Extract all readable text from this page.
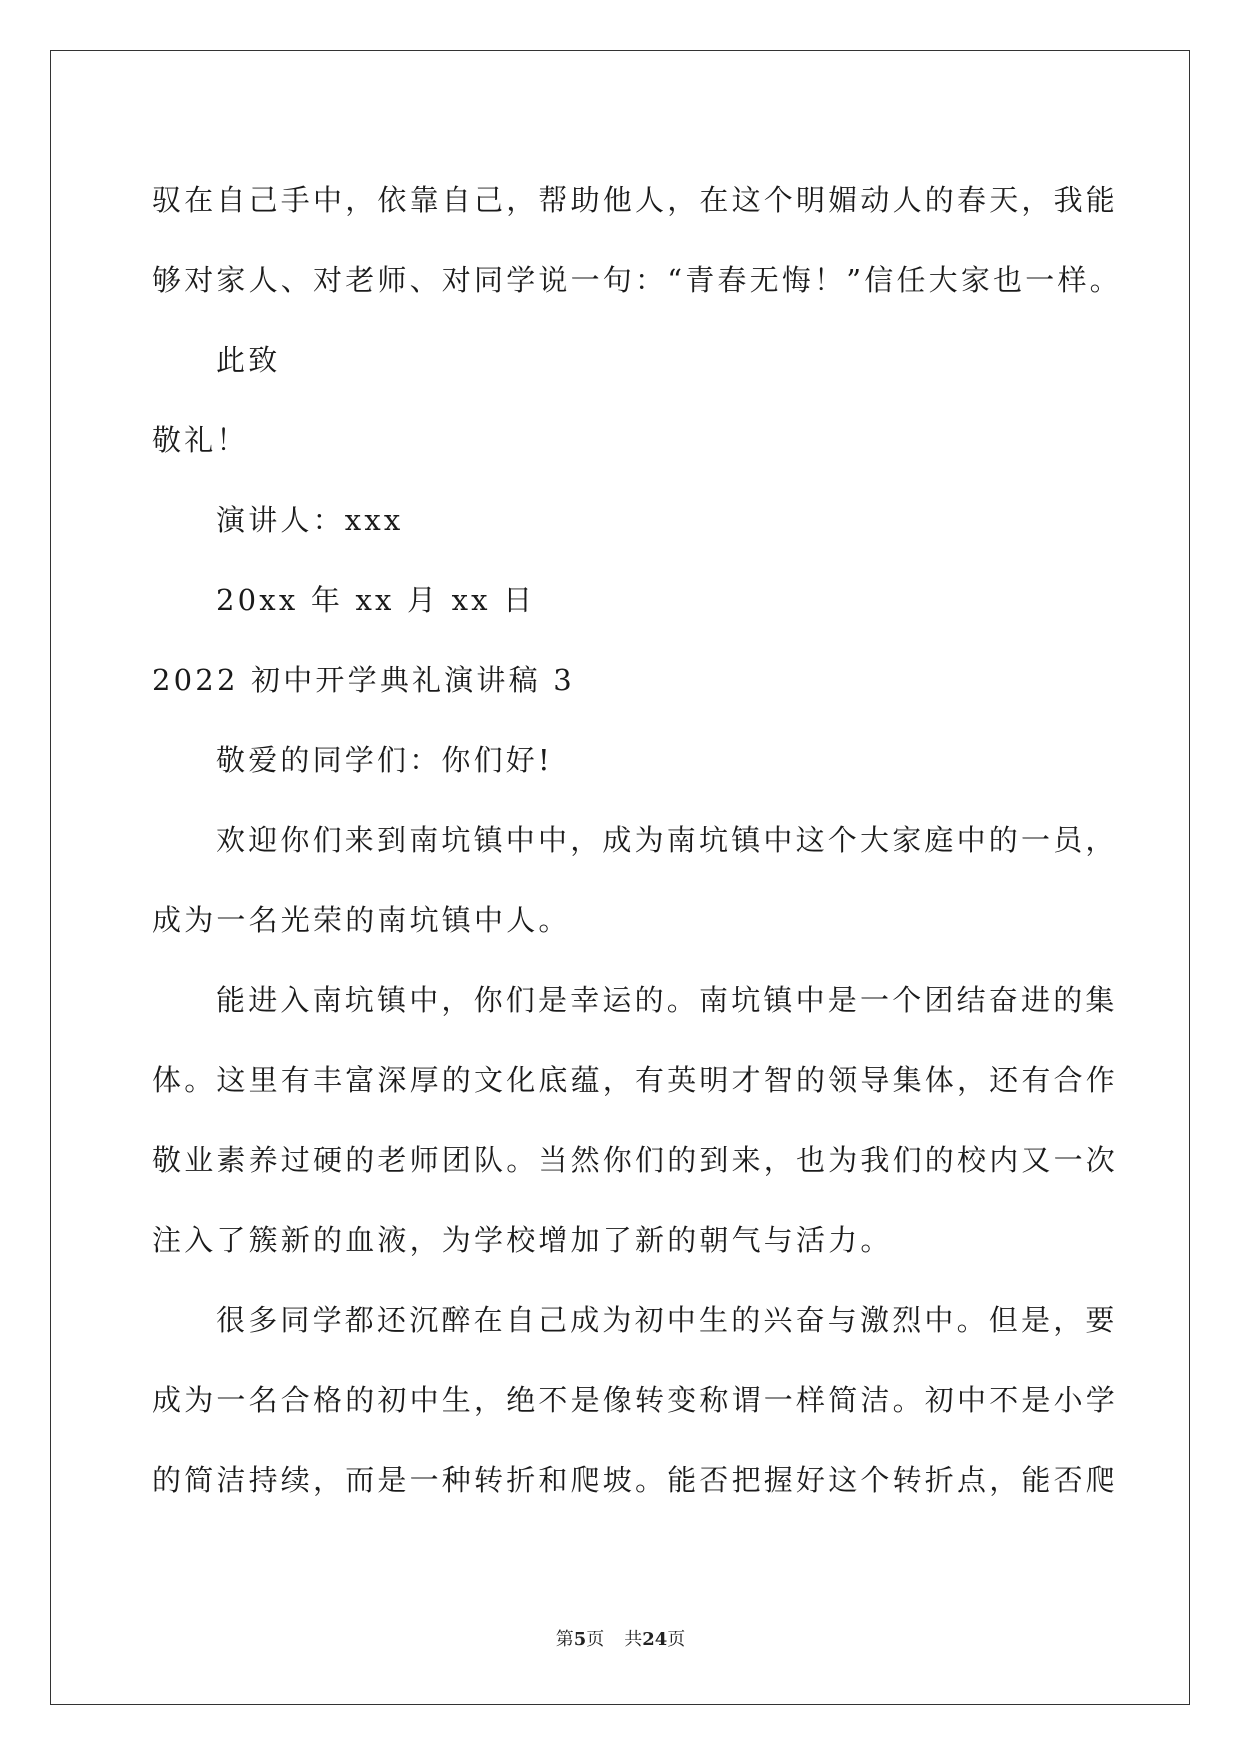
驭在自己手中，依靠自己，帮助他人，在这个明媚动人的春天，我能

够对家人、对老师、对同学说一句：“青春无悔！”信任大家也一样。

此致

敬礼！

演讲人：xxx

20xx 年 xx 月 xx 日

2022 初中开学典礼演讲稿 3

敬爱的同学们：你们好!

欢迎你们来到南坑镇中中，成为南坑镇中这个大家庭中的一员，

成为一名光荣的南坑镇中人。

能进入南坑镇中，你们是幸运的。南坑镇中是一个团结奋进的集

体。这里有丰富深厚的文化底蕴，有英明才智的领导集体，还有合作

敬业素养过硬的老师团队。当然你们的到来，也为我们的校内又一次

注入了簇新的血液，为学校增加了新的朝气与活力。

很多同学都还沉醉在自己成为初中生的兴奋与激烈中。但是，要

成为一名合格的初中生，绝不是像转变称谓一样简洁。初中不是小学

的简洁持续，而是一种转折和爬坡。能否把握好这个转折点，能否爬

第5页 共24页
